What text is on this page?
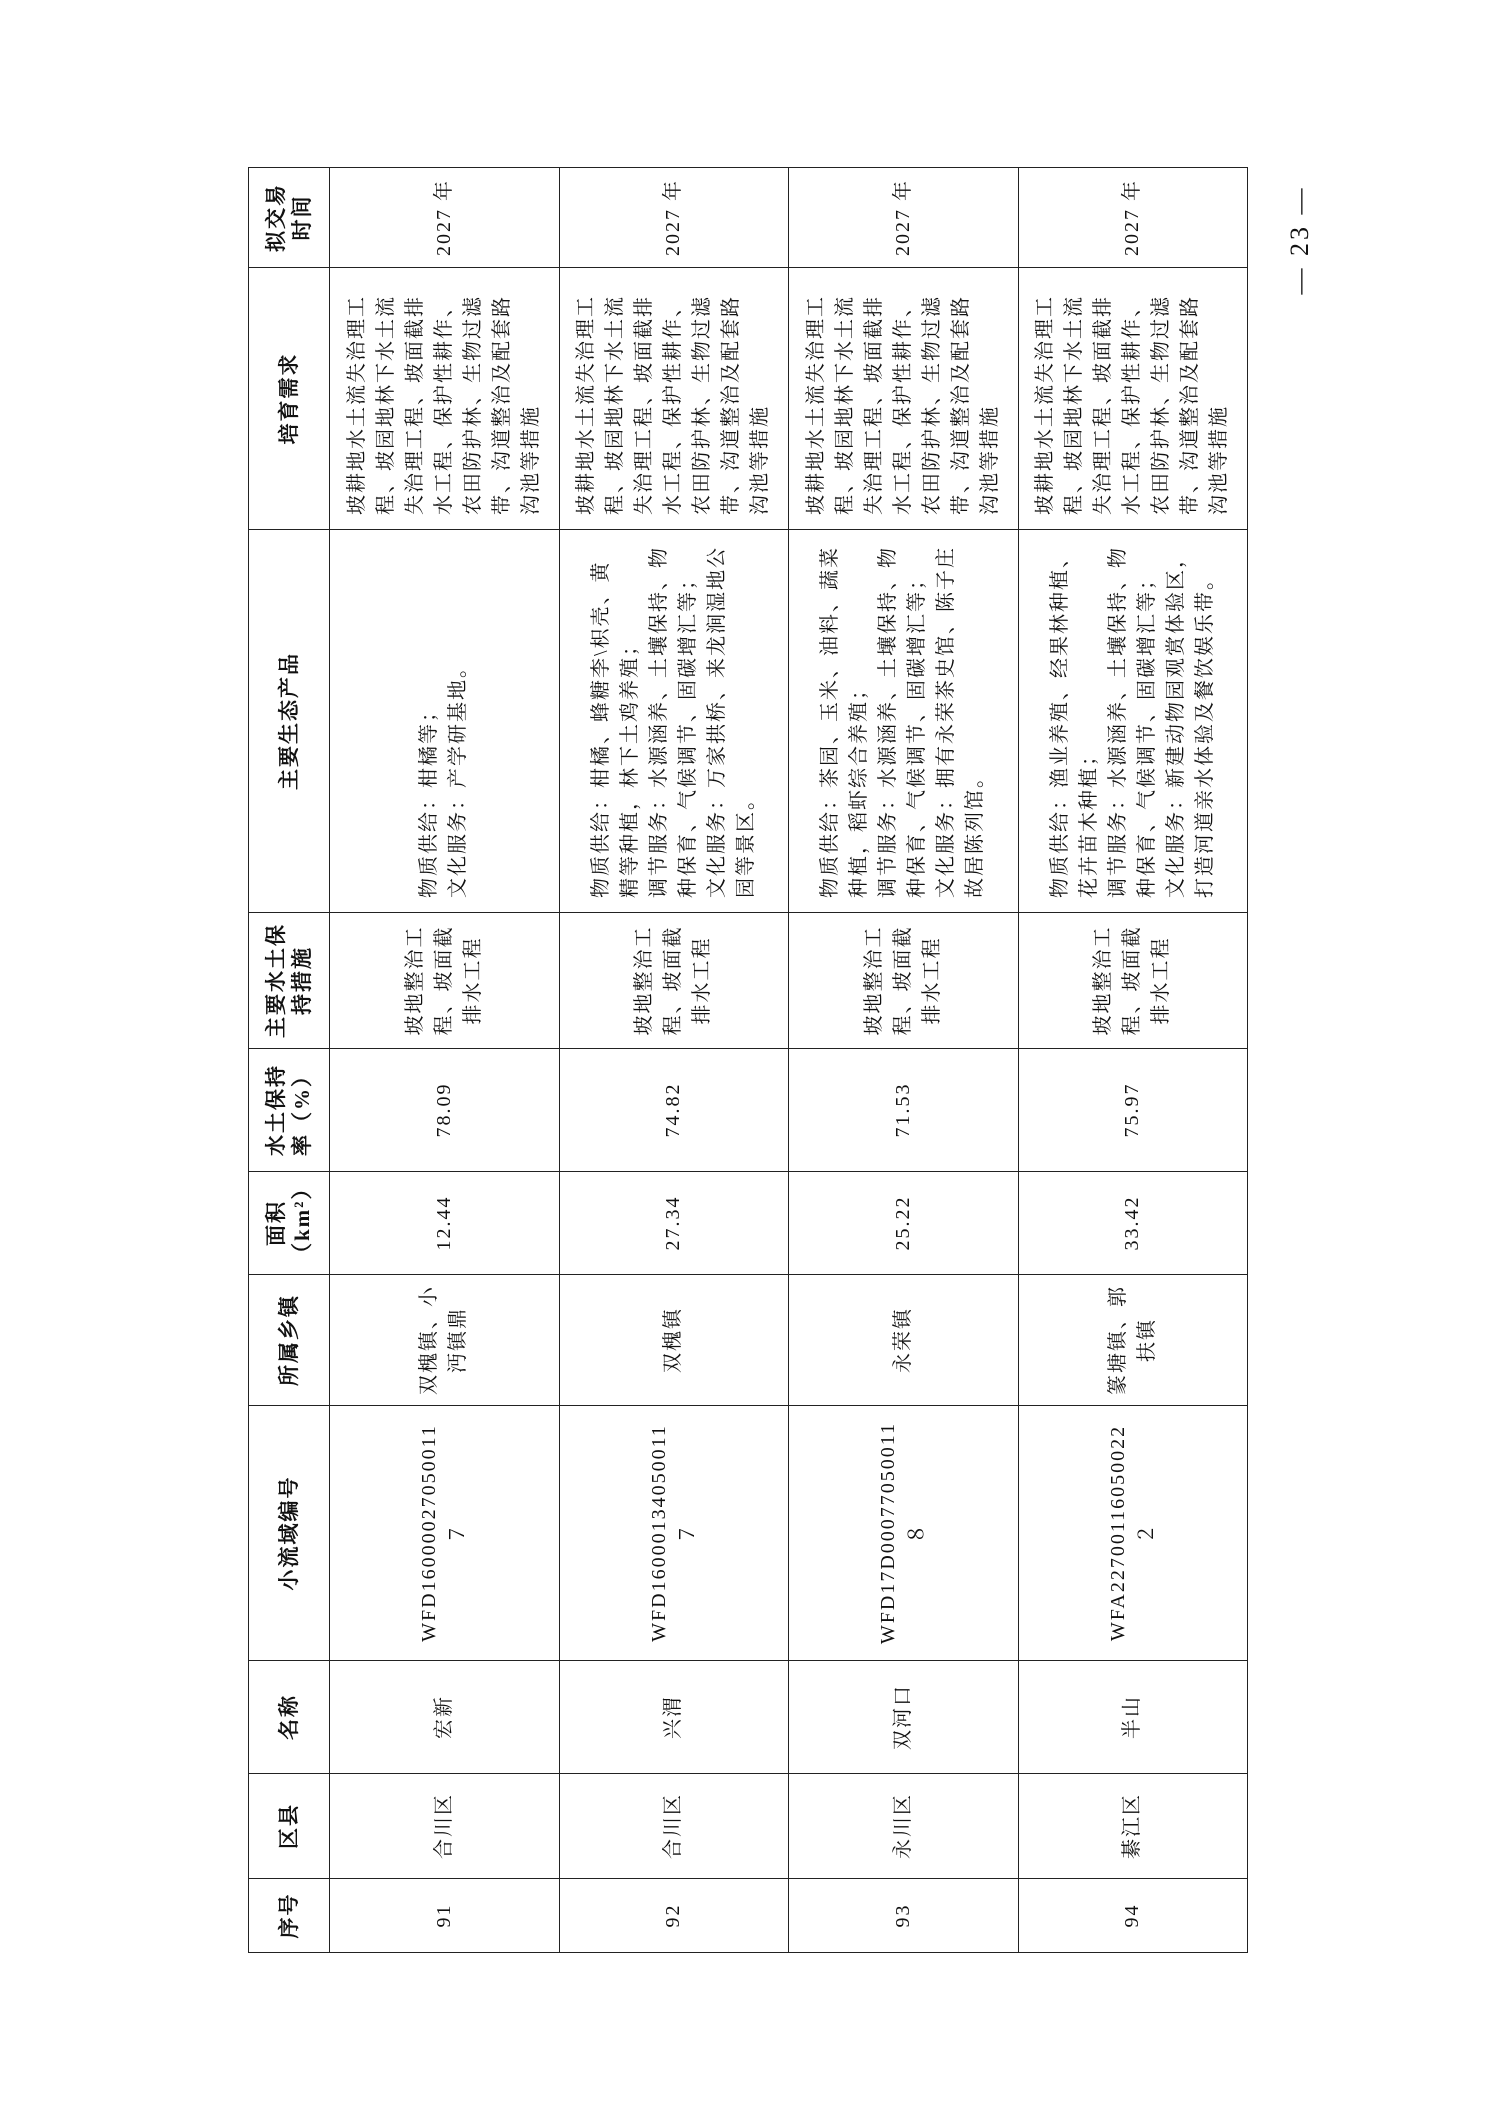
序号	区县	名称	小流域编号	所属乡镇	面积（km²）	水土保持率（%）	主要水土保持措施	主要生态产品	培育需求	拟交易时间
91	合川区	宏新	WFD16000027050011７	双槐镇、小沔镇鼎	12.44	78.09	坡地整治工程、坡面截排水工程	物质供给：柑橘等； 文化服务：产学研基地。	坡耕地水土流失治理工程、坡园地林下水土流失治理工程、坡面截排水工程、保护性耕作、农田防护林、生物过滤带、沟道整治及配套路沟池等措施	2027 年
92	合川区	兴渭	WFD16000134050011７	双槐镇	27.34	74.82	坡地整治工程、坡面截排水工程	物质供给：柑橘、蜂糖李\枳壳、黄精等种植，林下土鸡养殖； 调节服务：水源涵养、土壤保持、物种保育、气候调节、固碳增汇等； 文化服务：万家拱桥、来龙涧湿地公园等景区。	坡耕地水土流失治理工程、坡园地林下水土流失治理工程、坡面截排水工程、保护性耕作、农田防护林、生物过滤带、沟道整治及配套路沟池等措施	2027 年
93	永川区	双河口	WFD17D00077050011８	永荣镇	25.22	71.53	坡地整治工程、坡面截排水工程	物质供给：茶园、玉米、油料、蔬菜种植，稻虾综合养殖； 调节服务：水源涵养、土壤保持、物种保育、气候调节、固碳增汇等； 文化服务：拥有永荣茶史馆、陈子庄故居陈列馆。	坡耕地水土流失治理工程、坡园地林下水土流失治理工程、坡面截排水工程、保护性耕作、农田防护林、生物过滤带、沟道整治及配套路沟池等措施	2027 年
94	綦江区	半山	WFA22700116050022２	篆塘镇、郭扶镇	33.42	75.97	坡地整治工程、坡面截排水工程	物质供给：渔业养殖、经果林种植、花卉苗木种植； 调节服务：水源涵养、土壤保持、物种保育、气候调节、固碳增汇等； 文化服务：新建动物园观赏体验区，打造河道亲水体验及餐饮娱乐带。	坡耕地水土流失治理工程、坡园地林下水土流失治理工程、坡面截排水工程、保护性耕作、农田防护林、生物过滤带、沟道整治及配套路沟池等措施	2027 年	— 23 —
